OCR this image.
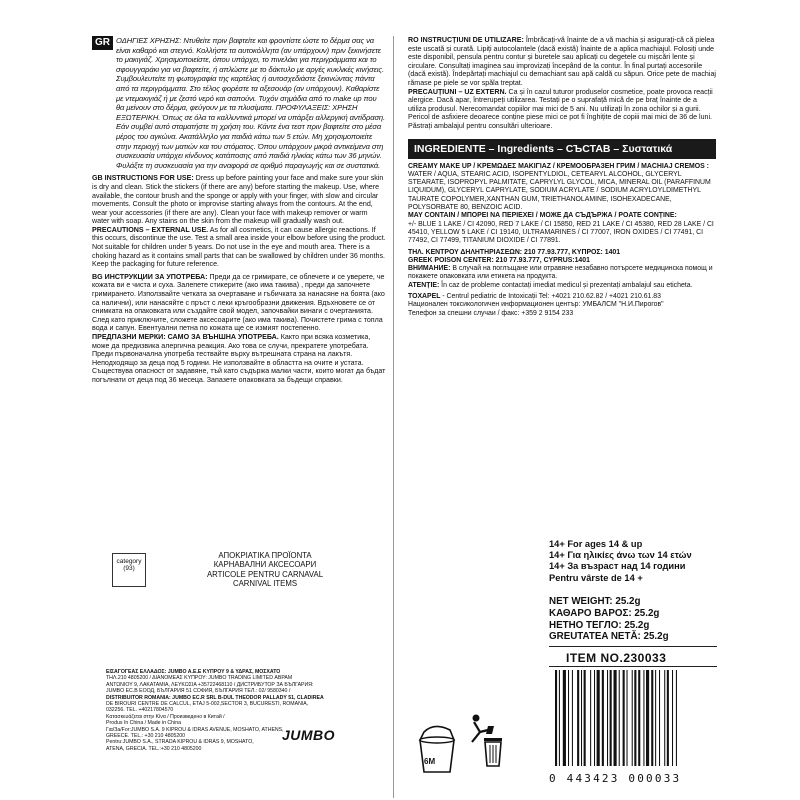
GR ΟΔΗΓΙΕΣ ΧΡΗΣΗΣ: Ντυθείτε πριν βαφτείτε και φροντίστε ώστε το δέρμα σας να είναι καθαρό και στεγνό. Κολλήστε τα αυτοκόλλητα (αν υπάρχουν) πριν ξεκινήσετε το μακιγιάζ. Χρησιμοποιείστε, όπου υπάρχει, το πινελάκι για περιγράμματα και το σφουγγαράκι για να βαφτείτε, ή απλώστε με το δάκτυλο με αργές κυκλικές κινήσεις. Συμβουλευτείτε τη φωτογραφία της καρτέλας ή αυτοσχεδιάστε ξεκινώντας πάντα από τα περιγράμματα. Στο τέλος φορέστε τα αξεσουάρ (αν υπάρχουν). Καθαρίστε με ντεμακιγιάζ ή με ζεστό νερό και σαπούνι. Τυχόν σημάδια από το make up που θα μείνουν στο δέρμα, φεύγουν με τα πλυσίματα. ΠΡΟΦΥΛΑΞΕΙΣ: ΧΡΗΣΗ ΕΞΩΤΕΡΙΚΗ. Όπως σε όλα τα καλλυντικά μπορεί να υπάρξει αλλεργική αντίδραση. Εάν συμβεί αυτό σταματήστε τη χρήση του. Κάντε ένα τεστ πριν βαφτείτε στο μέσα μέρος του αγκώνα. Ακατάλληλο για παιδιά κάτω των 5 ετών. Μη χρησιμοποιείτε στην περιοχή των ματιών και του στόματος. Όπου υπάρχουν μικρά αντικείμενα στη συσκευασία υπάρχει κίνδυνος κατάποσης από παιδιά ηλικίας κάτω των 36 μηνών. Φυλάξτε τη συσκευασία για την αναφορά σε αριθμό παραγωγής και σε συστατικά.
GB INSTRUCTIONS FOR USE: Dress up before painting your face and make sure your skin is dry and clean. Stick the stickers (if there are any) before starting the makeup. Use, where available, the contour brush and the sponge or apply with your finger, with slow and circular movements. Consult the photo or improvise starting always from the contours. At the end, wear your accessories (if there are any). Clean your face with makeup remover or warm water with soap. Any stains on the skin from the makeup will gradually wash out.
PRECAUTIONS – EXTERNAL USE. As for all cosmetics, it can cause allergic reactions. If this occurs, discontinue the use. Test a small area inside your elbow before using the product. Not suitable for children under 5 years. Do not use in the eye and mouth area. There is a choking hazard as it contains small parts that can be swallowed by children under 36 months. Keep the packaging for future reference.
BG ИНСТРУКЦИИ ЗА УПОТРЕБА: Преди да се гримирате, се облечете и се уверете, че кожата ви е чиста и суха. Залепете стикерите (ако има такива) , преди да започнете гримирането. Използвайте четката за очертаване и гъбичката за нанасяне на боята (ако са налични), или нанасяйте с пръст с леки кръгообразни движения. Вдъхновете се от снимката на опаковката или създайте свой модел, започвайки винаги с очертанията. След като приключите, сложете аксесоарите (ако има такива). Почистете грима с топла вода и сапун. Евентуални петна по кожата ще се измият постепенно.
ПРЕДПАЗНИ МЕРКИ: САМО ЗА ВЪНШНА УПОТРЕБА. Както при всяка козметика, може да предизвика алергична реакция. Ако това се случи, прекратете употребата. Преди първоначална употреба тествайте върху вътрешната страна на лакътя. Неподходящо за деца под 5 години. Не използвайте в областта на очите и устата. Съществува опасност от задавяне, тъй като съдържа малки части, които могат да бъдат погълнати от деца под 36 месеца. Запазете опаковката за бъдещи справки.
category
(93)
ΑΠΟΚΡΙΑΤΙΚΑ ΠΡΟΪΟΝΤΑ
КАРНАВАЛНИ АКСЕСОАРИ
ARTICOLE PENTRU CARNAVAL
CARNIVAL ITEMS
ΕΙΣΑΓΟΓΕΑΣ ΕΛΛΑΔΟΣ: JUMBO A.E.E ΚΥΠΡΟΥ 9 & ΥΔΡΑΣ, ΜΟΣΧΑΤΟ
ΤΗΛ.210 4805200 / ΔΙΑΝΟΜΕΑΣ ΚΥΠΡΟΥ: JUMBO TRADING LIMITED ΑΒΡΑΜ
ΑΝΤΩΝΙΟΥ 9, ΛΑΚΑΤΑΜΙΑ, ΛΕΥΚΩΣΙΑ +35722468110 / ДИСТРИБУТОР ЗА БЪЛГАРИЯ:
JUMBO EC.B ЕООД, БЪЛГАРИЯ 51 СОФИЯ, БЪЛГАРИЯ ТЕЛ.: 02/ 9580340 /
DISTRIBUITOR ROMANIA: JUMBO EC.R SRL B-DUL THEODOR PALLADY 51, CLADIREA
DE BIROURI CENTRE DE CALCUL, ETAJ 5-002,SECTOR 3, BUCURESTI, ROMANIA,
032256. TEL. +40217804570
Κατασκευάζεται στην Κίνα / Произведено в Китай /
Produs în China / Made in China
Για/За/For:JUMBO S.A. 9 KIPROU & IDRAS AVENUE, MOSHATO, ATHENS,
GREECE. TEL.: +30 210 4805200
Pentru:JUMBO S.A., STRADA KIPROU & IDRAS 9, MOSHATO,
ATENA, GRECIA. TEL.:+30 210 4805200
JUMBO
RO INSTRUCȚIUNI DE UTILIZARE: Îmbrăcați-vă înainte de a vă machia și asigurați-că că pielea este uscată și curată. Lipiți autocolantele (dacă există) înainte de a aplica machiajul. Folosiți unde este disponibil, pensula pentru contur și buretele sau aplicați cu degetele cu mișcări lente și circulare. Consultați imaginea sau improvizați începând de la contur. În final purtați accesoriile (dacă există). Îndepărtați machiajul cu demachiant sau apă caldă cu săpun. Orice pete de machiaj rămase pe piele se vor spăla treptat.
PRECAUȚIUNI – UZ EXTERN. Ca și în cazul tuturor produselor cosmetice, poate provoca reacții alergice. Dacă apar, întrerupeți utilizarea. Testați pe o suprafață mică de pe braț înainte de a utiliza produsul. Nerecomandat copiilor mai mici de 5 ani. Nu utilizați în zona ochilor și a gurii. Pericol de asfixiere deoarece conține piese mici ce pot fi înghițite de copiii mai mici de 36 de luni. Păstrați ambalajul pentru consultări ulterioare.
INGREDIENTE – Ingredients – СЪСТАВ – Συστατικά
CREAMY MAKE UP / ΚΡΕΜΩΔΕΣ ΜΑΚΙΓΙΑΖ / КРЕМООБРАЗЕН ГРИМ / MACHIAJ CREMOS :
WATER / AQUA, STEARIC ACID, ISOPENTYLDIOL, CETEARYL ALCOHOL, GLYCERYL STEARATE, ISOPROPYL PALMITATE, CAPRYLYL GLYCOL, MICA, MINERAL OIL (PARAFFINUM LIQUIDUM), GLYCERYL CAPRYLATE, SODIUM ACRYLATE / SODIUM ACRYLOYLDIMETHYL TAURATE COPOLYMER,XANTHAN GUM, TRIETHANOLAMINE, ISOHEXADECANE, POLYSORBATE 80, BENZOIC ACID.
MAY CONTAIN / ΜΠΟΡΕΙ ΝΑ ΠΕΡΙΕΧΕΙ / МОЖЕ ДА СЪДЪРЖА / POATE CONȚINE:
+/- BLUE 1 LAKE / CI 42090, RED 7 LAKE / CI 15850, RED 21 LAKE / CI 45380, RED 28 LAKE / CI 45410, YELLOW 5 LAKE / CI 19140, ULTRAMARINES / CI 77007, IRON OXIDES / CI 77491, CI 77492, CI 77499, TITANIUM DIOXIDE / CI 77891.
ΤΗΛ. ΚΕΝΤΡΟΥ ΔΗΛΗΤΗΡΙΑΣΕΩΝ: 210 77.93.777, ΚΥΠΡΟΣ: 1401
GREEK POISON CENTER: 210 77.93.777, CYPRUS:1401
ВНИМАНИЕ: В случай на поглъщане или отравяне незабавно потърсете медицинска помощ и покажете опаковката или етикета на продукта.
ATENȚIE: În caz de probleme contactați imediat medicul și prezentați ambalajul sau eticheta.
TOXAPEL - Centrul pediatric de Intoxicații Tel: +4021 210.62.82 / +4021 210.61.83
Национален токсикологичен информационен център: УМБАЛСМ "Н.И.Пирогов"
Телефон за спешни случаи / факс: +359 2 9154 233
14+ For ages 14 & up
14+ Για ηλικίες άνω των 14 ετών
14+ За възраст над 14 години
Pentru vârste de 14 +
NET WEIGHT: 25.2g
ΚΑΘΑΡΟ ΒΑΡΟΣ: 25.2g
НЕТНО ТЕГЛО: 25.2g
GREUTATEA NETĂ: 25.2g
ITEM NO.230033
0 443423 000033
6M
